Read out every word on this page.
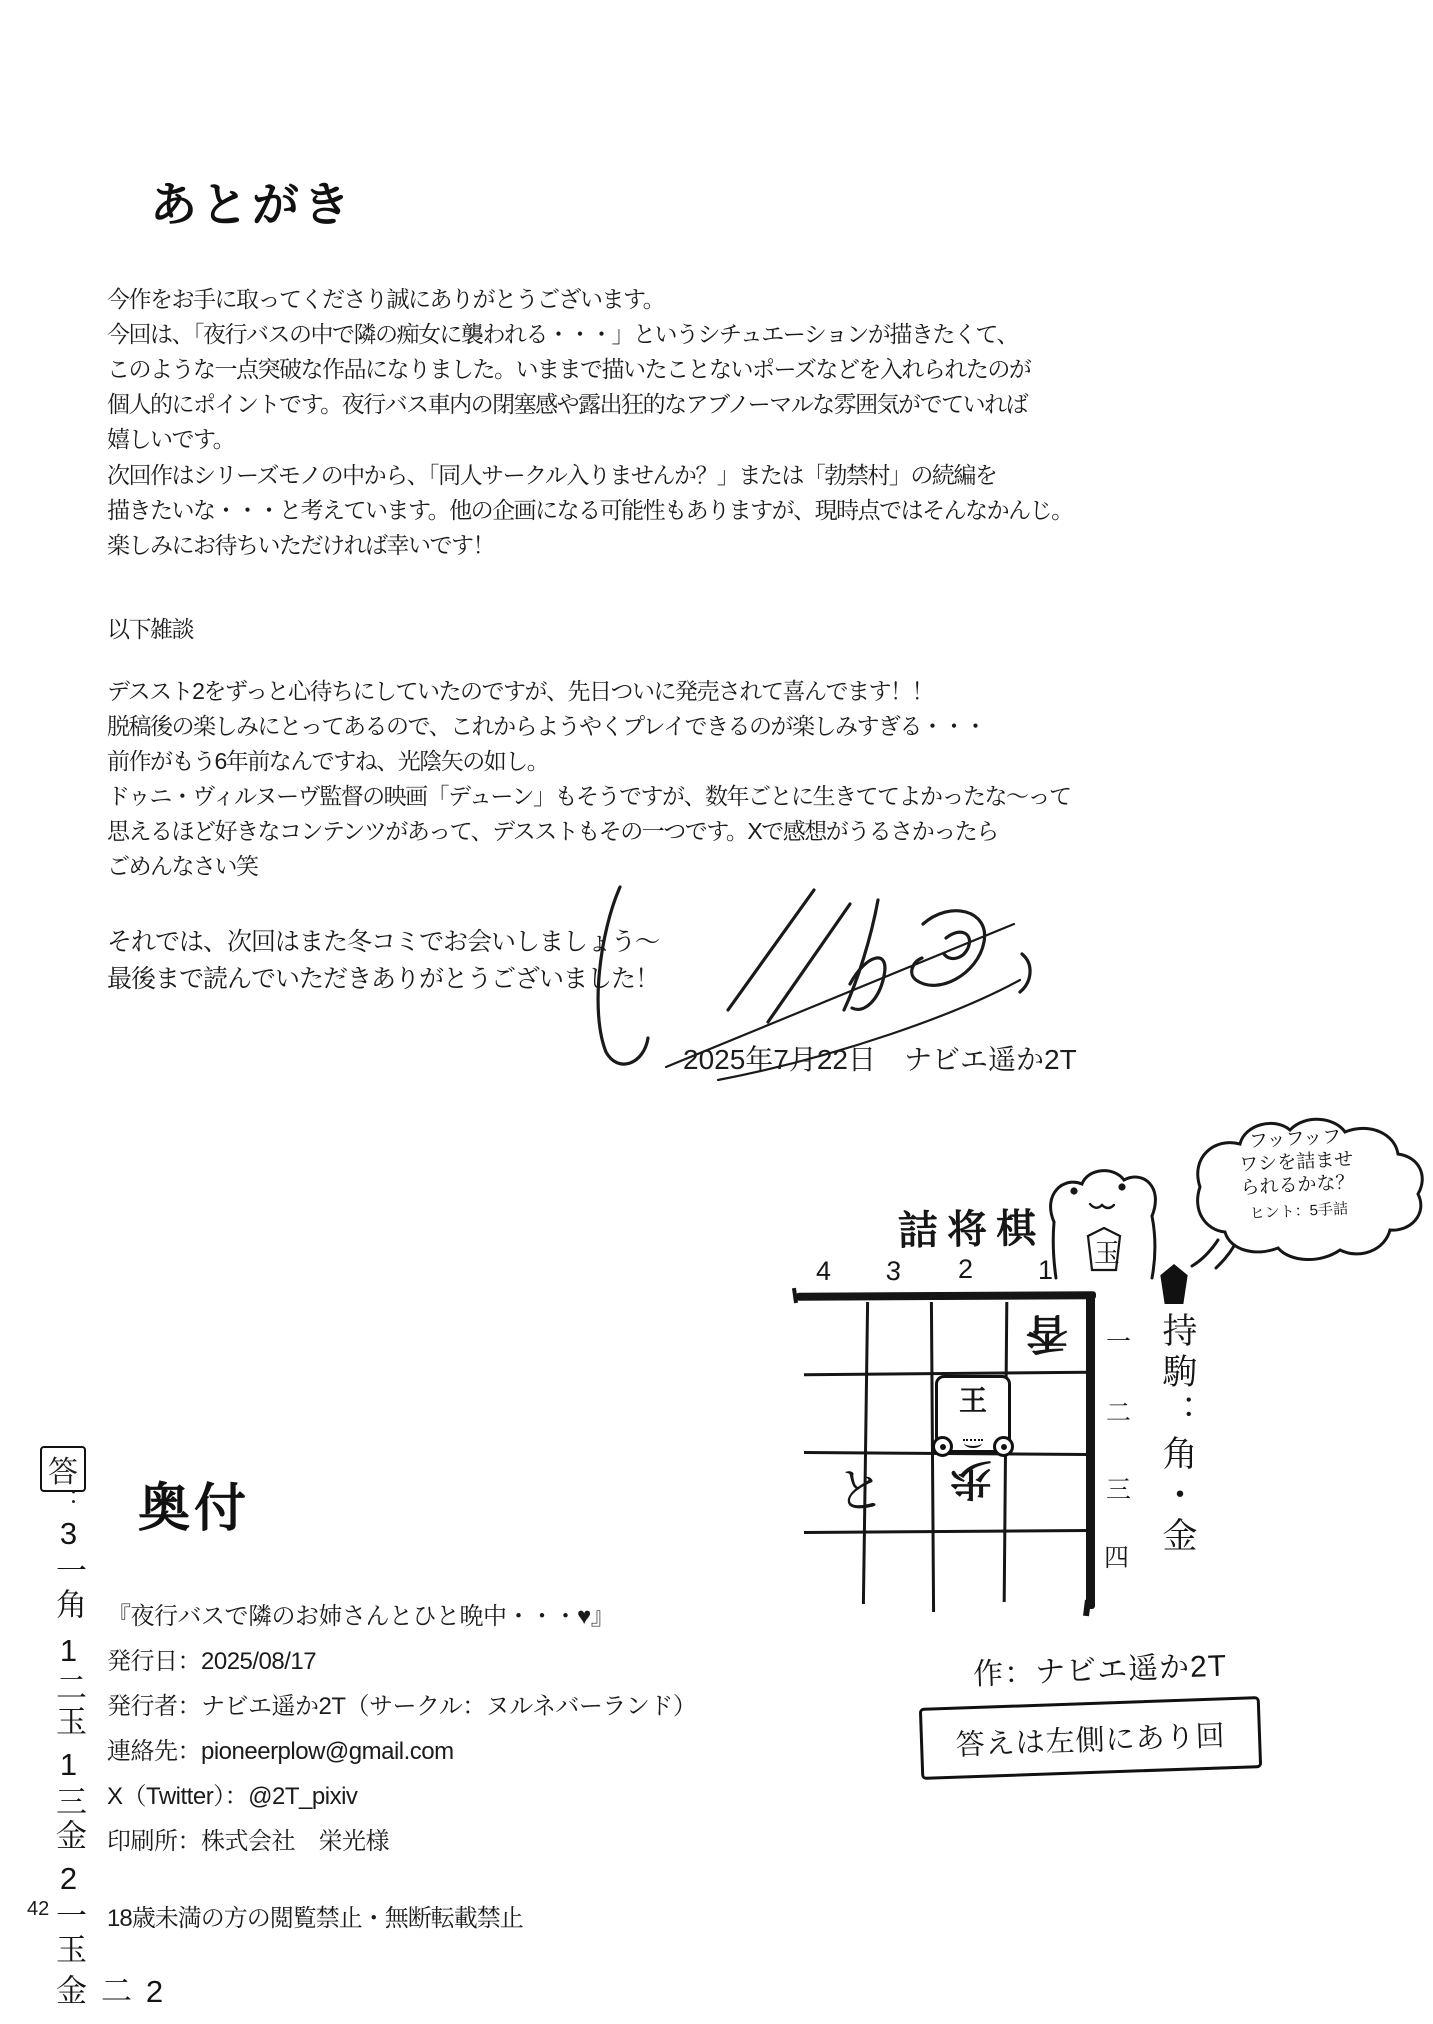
あとがき
今作をお手に取ってくださり誠にありがとうございます。
今回は、「夜行バスの中で隣の痴女に襲われる・・・」というシチュエーションが描きたくて、
このような一点突破な作品になりました。いままで描いたことないポーズなどを入れられたのが
個人的にポイントです。夜行バス車内の閉塞感や露出狂的なアブノーマルな雰囲気がでていれば
嬉しいです。
次回作はシリーズモノの中から、「同人サークル入りませんか？」または「勃禁村」の続編を
描きたいな・・・と考えています。他の企画になる可能性もありますが、現時点ではそんなかんじ。
楽しみにお待ちいただければ幸いです！
以下雑談
デススト2をずっと心待ちにしていたのですが、先日ついに発売されて喜んでます！！
脱稿後の楽しみにとってあるので、これからようやくプレイできるのが楽しみすぎる・・・
前作がもう6年前なんですね、光陰矢の如し。
ドゥニ・ヴィルヌーヴ監督の映画「デューン」もそうですが、数年ごとに生きててよかったな～って
思えるほど好きなコンテンツがあって、デスストもその一つです。Xで感想がうるさかったら
ごめんなさい笑
それでは、次回はまた冬コミでお会いしましょう～
最後まで読んでいただきありがとうございました！
2025年7月22日　ナビエ遥か2T
詰将棋 玉
フッフッフ
ワシを詰ませ
られるかな？
ヒント：5手詰
4 3 2 1
一
二
三
四
香
王
と 歩	持駒：角・金
作：ナビエ遥か2T
答えは左側にあり回
奥付
『夜行バスで隣のお姉さんとひと晩中・・・♥』
発行日：2025/08/17
発行者：ナビエ遥か2T（サークル：ヌルネバーランド）
連絡先：pioneerplow@gmail.com
X（Twitter）：@2T_pixiv
印刷所：株式会社　栄光様
18歳未満の方の閲覧禁止・無断転載禁止
答
：
3一角
1二玉
1三金
2一玉
2二金
42
